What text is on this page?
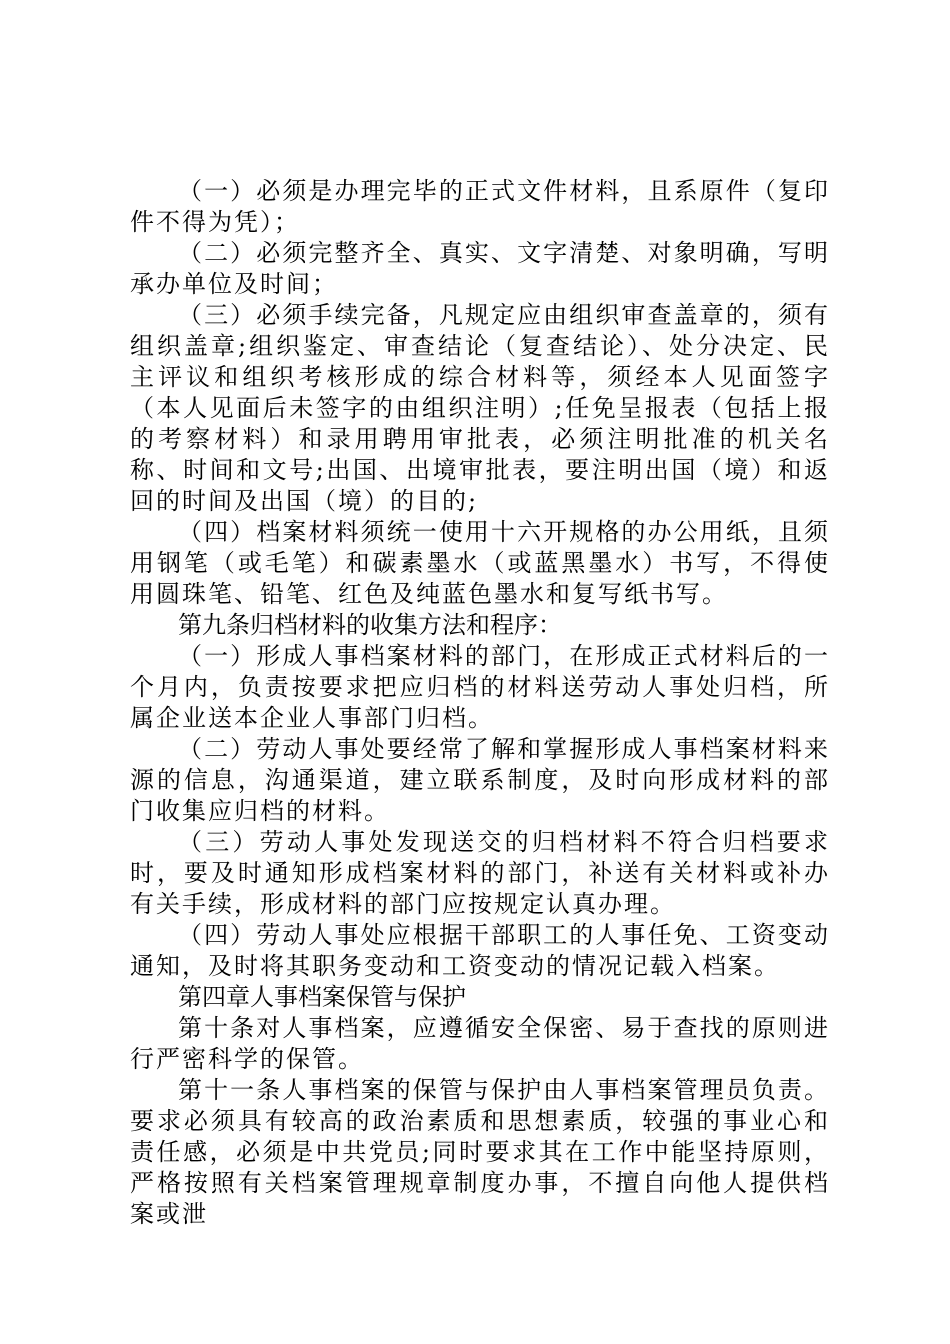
（一）必须是办理完毕的正式文件材料，且系原件（复印件不得为凭）；

（二）必须完整齐全、真实、文字清楚、对象明确，写明承办单位及时间；

（三）必须手续完备，凡规定应由组织审查盖章的，须有组织盖章;组织鉴定、审查结论（复查结论）、处分决定、民主评议和组织考核形成的综合材料等，须经本人见面签字（本人见面后未签字的由组织注明）;任免呈报表（包括上报的考察材料）和录用聘用审批表，必须注明批准的机关名称、时间和文号;出国、出境审批表，要注明出国（境）和返回的时间及出国（境）的目的;

（四）档案材料须统一使用十六开规格的办公用纸，且须用钢笔（或毛笔）和碳素墨水（或蓝黑墨水）书写，不得使用圆珠笔、铅笔、红色及纯蓝色墨水和复写纸书写。

第九条归档材料的收集方法和程序：

（一）形成人事档案材料的部门，在形成正式材料后的一个月内，负责按要求把应归档的材料送劳动人事处归档，所属企业送本企业人事部门归档。

（二）劳动人事处要经常了解和掌握形成人事档案材料来源的信息，沟通渠道，建立联系制度，及时向形成材料的部门收集应归档的材料。

（三）劳动人事处发现送交的归档材料不符合归档要求时，要及时通知形成档案材料的部门，补送有关材料或补办有关手续，形成材料的部门应按规定认真办理。

（四）劳动人事处应根据干部职工的人事任免、工资变动通知，及时将其职务变动和工资变动的情况记载入档案。

第四章人事档案保管与保护

第十条对人事档案，应遵循安全保密、易于查找的原则进行严密科学的保管。

第十一条人事档案的保管与保护由人事档案管理员负责。要求必须具有较高的政治素质和思想素质，较强的事业心和责任感，必须是中共党员;同时要求其在工作中能坚持原则，严格按照有关档案管理规章制度办事，不擅自向他人提供档案或泄
